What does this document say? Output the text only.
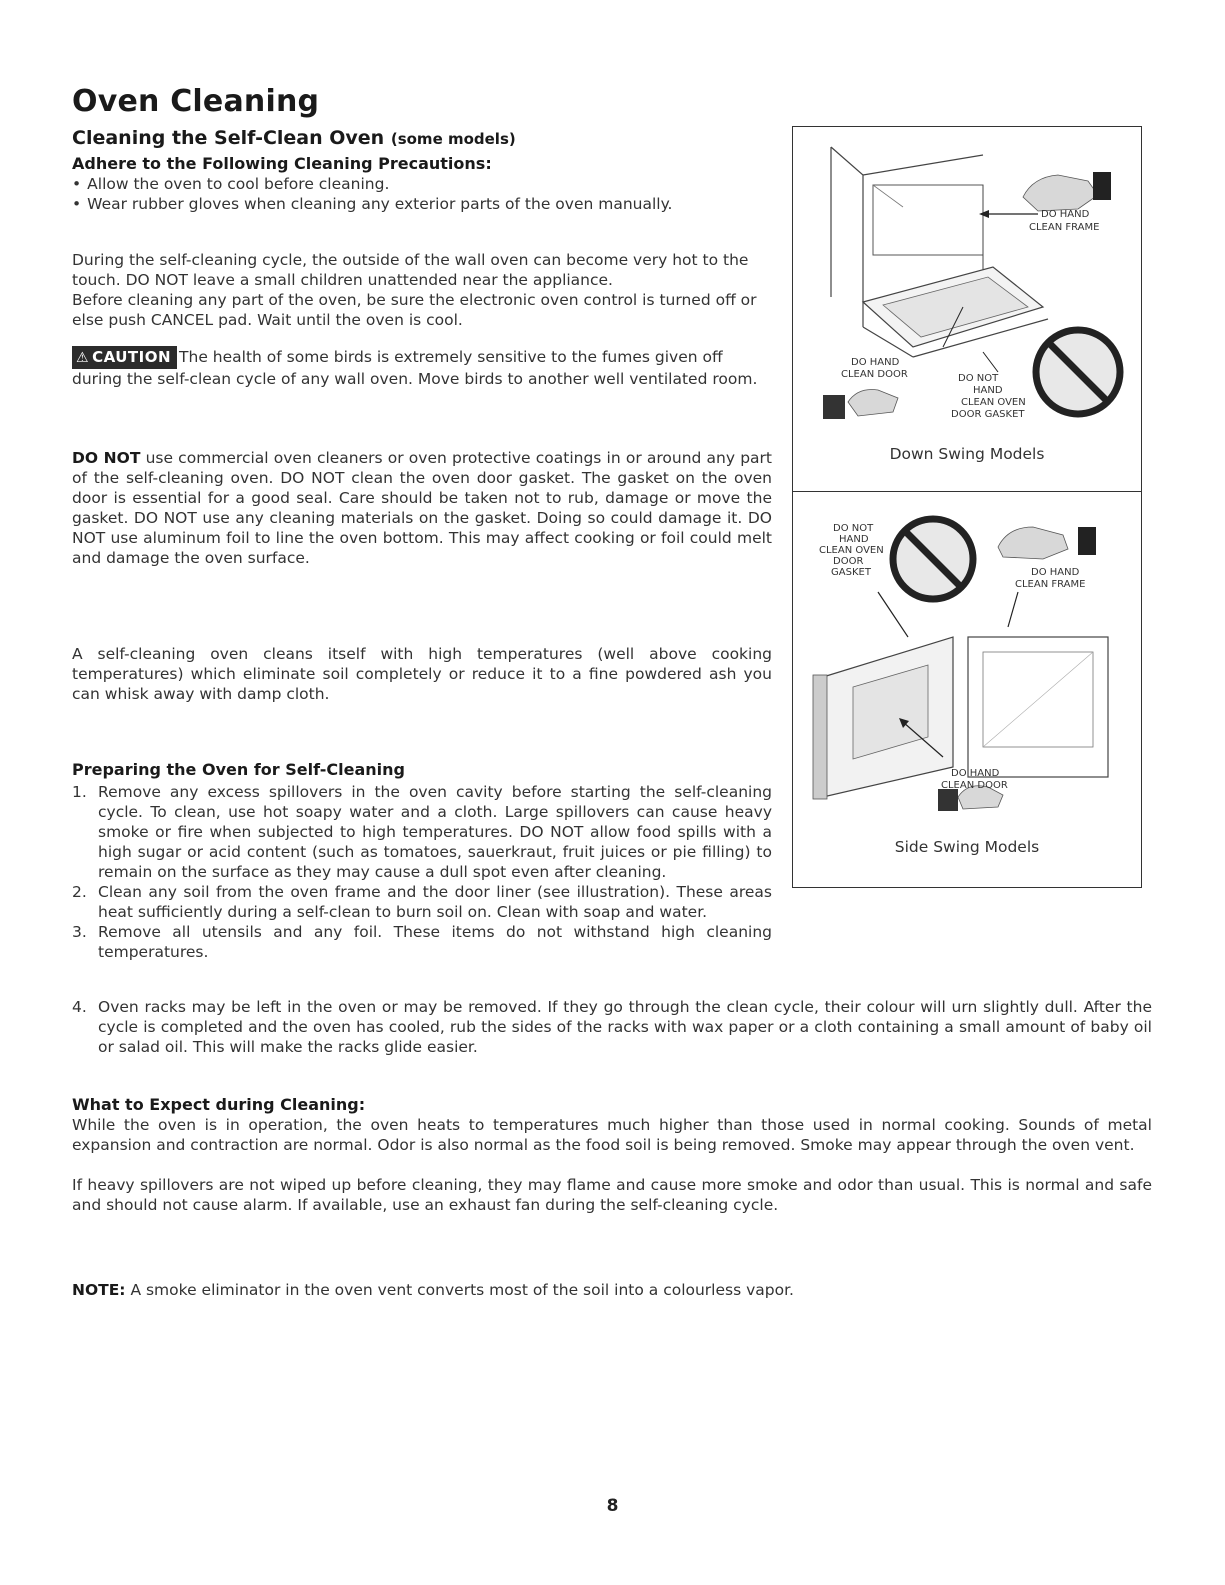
Oven Cleaning
Cleaning the Self-Clean Oven (some models)
Adhere to the Following Cleaning Precautions:
• Allow the oven to cool before cleaning.
• Wear rubber gloves when cleaning any exterior parts of the oven manually.

During the self-cleaning cycle, the outside of the wall oven can become very hot to the touch. DO NOT leave a small children unattended near the appliance.

Before cleaning any part of the oven, be sure the electronic oven control is turned off or else push CANCEL pad. Wait until the oven is cool.

⚠ CAUTION The health of some birds is extremely sensitive to the fumes given off during the self-clean cycle of any wall oven. Move birds to another well ventilated room.
DO NOT use commercial oven cleaners or oven protective coatings in or around any part of the self-cleaning oven. DO NOT clean the oven door gasket. The gasket on the oven door is essential for a good seal. Care should be taken not to rub, damage or move the gasket. DO NOT use any cleaning materials on the gasket. Doing so could damage it. DO NOT use aluminum foil to line the oven bottom. This may affect cooking or foil could melt and damage the oven surface.
A self-cleaning oven cleans itself with high temperatures (well above cooking temperatures) which eliminate soil completely or reduce it to a fine powdered ash you can whisk away with damp cloth.
Preparing the Oven for Self-Cleaning
1. Remove any excess spillovers in the oven cavity before starting the self-cleaning cycle. To clean, use hot soapy water and a cloth. Large spillovers can cause heavy smoke or fire when subjected to high temperatures. DO NOT allow food spills with a high sugar or acid content (such as tomatoes, sauerkraut, fruit juices or pie filling) to remain on the surface as they may cause a dull spot even after cleaning.
2. Clean any soil from the oven frame and the door liner (see illustration). These areas heat sufficiently during a self-clean to burn soil on. Clean with soap and water.
3. Remove all utensils and any foil. These items do not withstand high cleaning temperatures.
4. Oven racks may be left in the oven or may be removed. If they go through the clean cycle, their colour will urn slightly dull. After the cycle is completed and the oven has cooled, rub the sides of the racks with wax paper or a cloth containing a small amount of baby oil or salad oil. This will make the racks glide easier.
What to Expect during Cleaning:

While the oven is in operation, the oven heats to temperatures much higher than those used in normal cooking. Sounds of metal expansion and contraction are normal. Odor is also normal as the food soil is being removed. Smoke may appear through the oven vent.

If heavy spillovers are not wiped up before cleaning, they may flame and cause more smoke and odor than usual. This is normal and safe and should not cause alarm. If available, use an exhaust fan during the self-cleaning cycle.

NOTE: A smoke eliminator in the oven vent converts most of the soil into a colourless vapor.
DO HAND
CLEAN FRAME
DO HAND
CLEAN DOOR	DO NOT
HAND
CLEAN OVEN
DOOR GASKET
Down Swing Models
DO NOT
HAND
CLEAN OVEN
DOOR
GASKET	DO HAND
CLEAN FRAME
DO HAND
CLEAN DOOR
Side Swing Models
8
